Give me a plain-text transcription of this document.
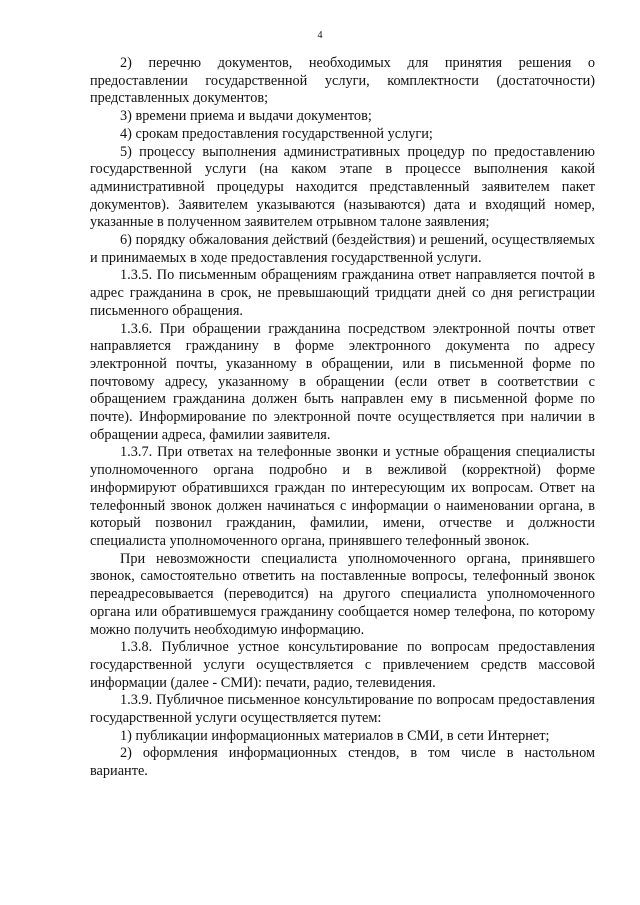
4

2) перечню документов, необходимых для принятия решения о предоставлении государственной услуги, комплектности (достаточности) представленных документов;

3) времени приема и выдачи документов;

4) срокам предоставления государственной услуги;

5) процессу выполнения административных процедур по предоставлению государственной услуги (на каком этапе в процессе выполнения какой административной процедуры находится представленный заявителем пакет документов). Заявителем указываются (называются) дата и входящий номер, указанные в полученном заявителем отрывном талоне заявления;

6) порядку обжалования действий (бездействия) и решений, осуществляемых и принимаемых в ходе предоставления государственной услуги.

1.3.5. По письменным обращениям гражданина ответ направляется почтой в адрес гражданина в срок, не превышающий тридцати дней со дня регистрации письменного обращения.

1.3.6. При обращении гражданина посредством электронной почты ответ направляется гражданину в форме электронного документа по адресу электронной почты, указанному в обращении, или в письменной форме по почтовому адресу, указанному в обращении (если ответ в соответствии с обращением гражданина должен быть направлен ему в письменной форме по почте). Информирование по электронной почте осуществляется при наличии в обращении адреса, фамилии заявителя.

1.3.7. При ответах на телефонные звонки и устные обращения специалисты уполномоченного органа подробно и в вежливой (корректной) форме информируют обратившихся граждан по интересующим их вопросам. Ответ на телефонный звонок должен начинаться с информации о наименовании органа, в который позвонил гражданин, фамилии, имени, отчестве и должности специалиста уполномоченного органа, принявшего телефонный звонок.

При невозможности специалиста уполномоченного органа, принявшего звонок, самостоятельно ответить на поставленные вопросы, телефонный звонок переадресовывается (переводится) на другого специалиста уполномоченного органа или обратившемуся гражданину сообщается номер телефона, по которому можно получить необходимую информацию.

1.3.8. Публичное устное консультирование по вопросам предоставления государственной услуги осуществляется с привлечением средств массовой информации (далее - СМИ): печати, радио, телевидения.

1.3.9. Публичное письменное консультирование по вопросам предоставления государственной услуги осуществляется путем:

1) публикации информационных материалов в СМИ, в сети Интернет;

2) оформления информационных стендов, в том числе в настольном варианте.
